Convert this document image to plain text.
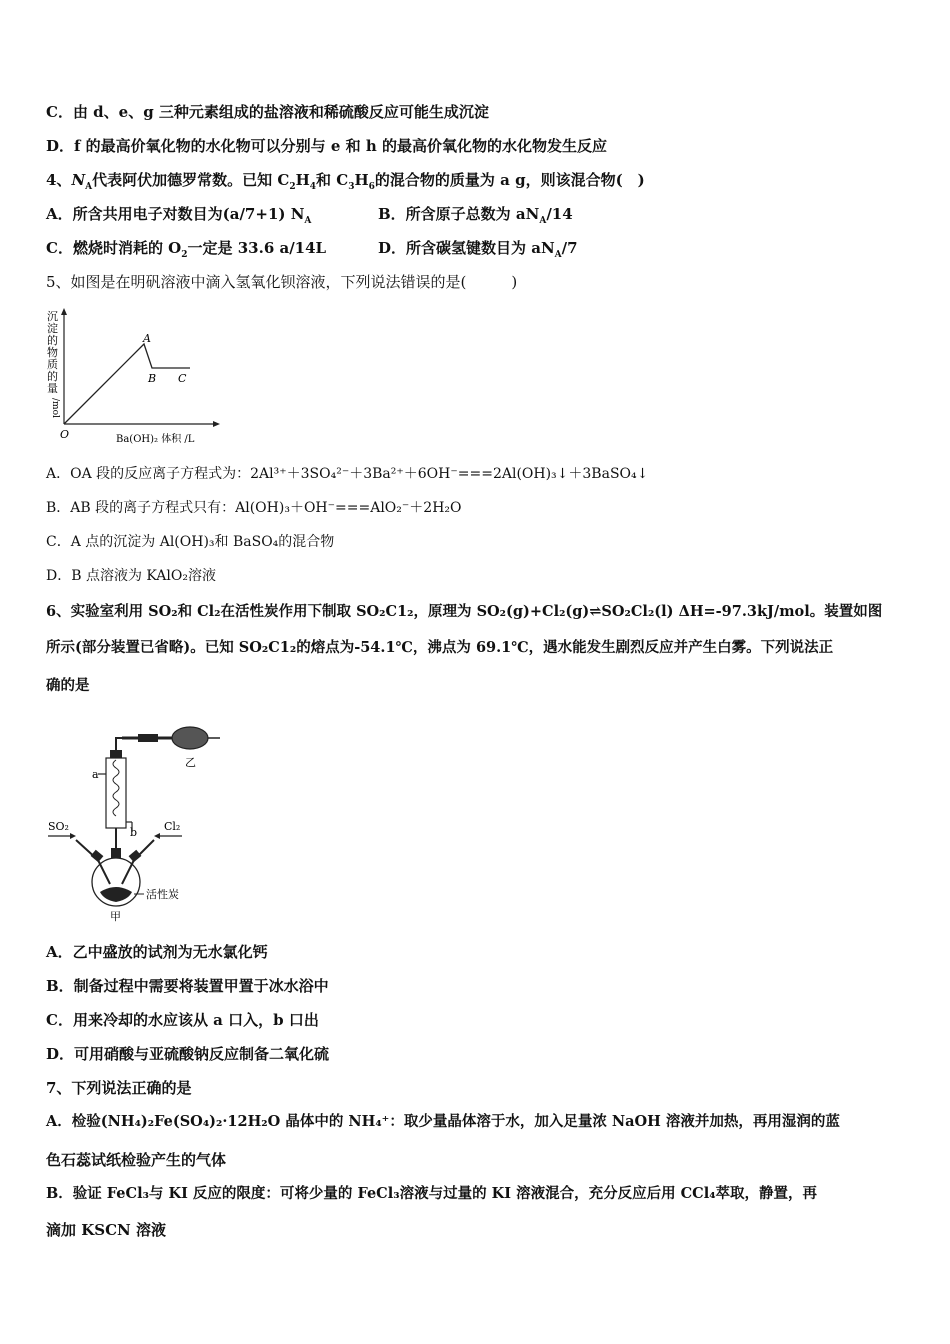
C．由 d、e、g 三种元素组成的盐溶液和稀硫酸反应可能生成沉淀
D．f 的最高价氧化物的水化物可以分别与 e 和 h 的最高价氧化物的水化物发生反应
4、$N_A$代表阿伏加德罗常数。已知 $C_2H_4$和 $C_3H_6$的混合物的质量为 a g，则该混合物(　)
A．所含共用电子对数目为(a/7+1) $N_A$	B．所含原子总数为 $aN_A/14$
C．燃烧时消耗的 $O_2$一定是 33.6 a/14L	D．所含碳氢键数目为 $aN_A/7$
5、如图是在明矾溶液中滴入氢氧化钡溶液，下列说法错误的是(　　　)
沉
淀
的
物
质
的
量
/mol
O	Ba(OH)₂ 体积 /L
A
B C
A．OA 段的反应离子方程式为：2Al³⁺＋3SO₄²⁻＋3Ba²⁺＋6OH⁻===2Al(OH)₃↓＋3BaSO₄↓
B．AB 段的离子方程式只有：Al(OH)₃＋OH⁻===AlO₂⁻＋2H₂O
C．A 点的沉淀为 Al(OH)₃和 BaSO₄的混合物
D．B 点溶液为 KAlO₂溶液
6、实验室利用 SO₂和 Cl₂在活性炭作用下制取 SO₂C1₂，原理为 SO₂(g)+Cl₂(g)⇌SO₂Cl₂(l) ΔH=-97.3kJ/mol。装置如图
所示(部分装置已省略)。已知 SO₂C1₂的熔点为-54.1℃，沸点为 69.1℃，遇水能发生剧烈反应并产生白雾。下列说法正
确的是
乙
a
b
SO₂	Cl₂
活性炭
甲
A．乙中盛放的试剂为无水氯化钙
B．制备过程中需要将装置甲置于冰水浴中
C．用来冷却的水应该从 a 口入，b 口出
D．可用硝酸与亚硫酸钠反应制备二氧化硫
7、下列说法正确的是
A．检验(NH₄)₂Fe(SO₄)₂·12H₂O 晶体中的 NH₄⁺：取少量晶体溶于水，加入足量浓 NaOH 溶液并加热，再用湿润的蓝
色石蕊试纸检验产生的气体
B．验证 FeCl₃与 KI 反应的限度：可将少量的 FeCl₃溶液与过量的 KI 溶液混合，充分反应后用 CCl₄萃取，静置，再
滴加 KSCN 溶液
